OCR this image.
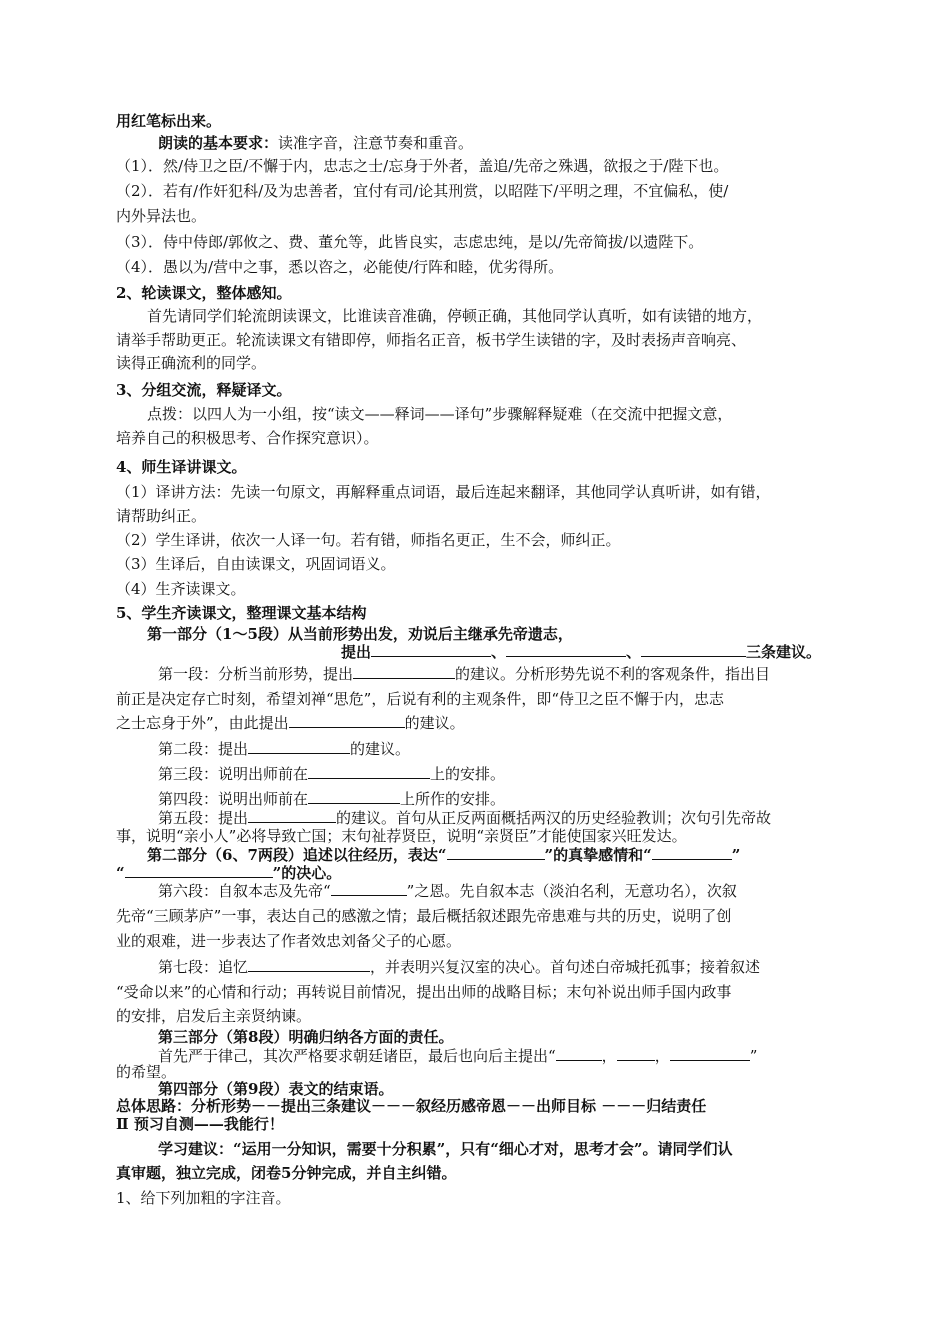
用红笔标出来。
朗读的基本要求：读准字音，注意节奏和重音。
（1）．然/侍卫之臣/不懈于内，忠志之士/忘身于外者，盖追/先帝之殊遇，欲报之于/陛下也。
（2）．若有/作奸犯科/及为忠善者，宜付有司/论其刑赏，以昭陛下/平明之理，不宜偏私，使/
内外异法也。
（3）．侍中侍郎/郭攸之、费、董允等，此皆良实，志虑忠纯，是以/先帝简拔/以遗陛下。
（4）．愚以为/营中之事，悉以咨之，必能使/行阵和睦，优劣得所。
2、轮读课文，整体感知。
首先请同学们轮流朗读课文，比谁读音准确，停顿正确，其他同学认真听，如有读错的地方，
请举手帮助更正。轮流读课文有错即停，师指名正音，板书学生读错的字，及时表扬声音响亮、
读得正确流利的同学。
3、分组交流，释疑译文。
点拨：以四人为一小组，按“读文——释词——译句”步骤解释疑难（在交流中把握文意，
培养自己的积极思考、合作探究意识）。
4、师生译讲课文。
（1）译讲方法：先读一句原文，再解释重点词语，最后连起来翻译，其他同学认真听讲，如有错，
请帮助纠正。
（2）学生译讲，依次一人译一句。若有错，师指名更正，生不会，师纠正。
（3）生译后，自由读课文，巩固词语义。
（4）生齐读课文。
5、学生齐读课文，整理课文基本结构
第一部分（1～5段）从当前形势出发，劝说后主继承先帝遗志，
提出	、	、	三条建议。
第一段：分析当前形势，提出	的建议。分析形势先说不利的客观条件，指出目
前正是决定存亡时刻，希望刘禅“思危”，后说有利的主观条件，即“侍卫之臣不懈于内，忠志
之士忘身于外”，由此提出	的建议。
第二段：提出	的建议。
第三段：说明出师前在	上的安排。
第四段：说明出师前在	上所作的安排。
第五段：提出	的建议。首句从正反两面概括两汉的历史经验教训；次句引先帝故
事，说明“亲小人”必将导致亡国；末句祉荐贤臣，说明“亲贤臣”才能使国家兴旺发达。
第二部分（6、7两段）追述以往经历，表达“	”的真挚感情和“	”
“	”的决心。
第六段：自叙本志及先帝“	”之恩。先自叙本志（淡泊名利，无意功名），次叙
先帝“三顾茅庐”一事，表达自己的感激之情；最后概括叙述跟先帝患难与共的历史，说明了创
业的艰难，进一步表达了作者效忠刘备父子的心愿。
第七段：追忆	，并表明兴复汉室的决心。首句述白帝城托孤事；接着叙述
“受命以来”的心情和行动；再转说目前情况，提出出师的战略目标；末句补说出师手国内政事
的安排，启发后主亲贤纳谏。
第三部分（第8段）明确归纳各方面的责任。
首先严于律己，其次严格要求朝廷诸臣，最后也向后主提出“	，	，	”
的希望。
第四部分（第9段）表文的结束语。
总体思路：分析形势－－提出三条建议－－－叙经历感帝恩－－出师目标 －－－归结责任
Ⅱ 预习自测——我能行！
学习建议：“运用一分知识，需要十分积累”，只有“细心才对，思考才会”。请同学们认
真审题，独立完成，闭卷5分钟完成，并自主纠错。
1、给下列加粗的字注音。
